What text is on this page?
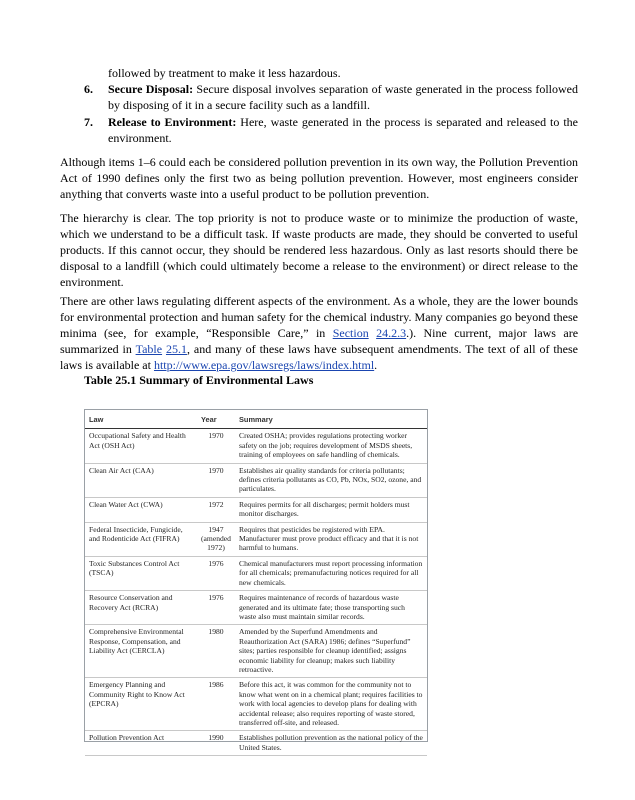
followed by treatment to make it less hazardous.
6. Secure Disposal: Secure disposal involves separation of waste generated in the process followed by disposing of it in a secure facility such as a landfill.
7. Release to Environment: Here, waste generated in the process is separated and released to the environment.

Although items 1–6 could each be considered pollution prevention in its own way, the Pollution Prevention Act of 1990 defines only the first two as being pollution prevention. However, most engineers consider anything that converts waste into a useful product to be pollution prevention.

The hierarchy is clear. The top priority is not to produce waste or to minimize the production of waste, which we understand to be a difficult task. If waste products are made, they should be converted to useful products. If this cannot occur, they should be rendered less hazardous. Only as last resorts should there be disposal to a landfill (which could ultimately become a release to the environment) or direct release to the environment.

There are other laws regulating different aspects of the environment. As a whole, they are the lower bounds for environmental protection and human safety for the chemical industry. Many companies go beyond these minima (see, for example, “Responsible Care,” in Section 24.2.3.). Nine current, major laws are summarized in Table 25.1, and many of these laws have subsequent amendments. The text of all of these laws is available at http://www.epa.gov/lawsregs/laws/index.html.

Table 25.1 Summary of Environmental Laws
Law	Year	Summary
Occupational Safety and Health Act (OSH Act)	1970	Created OSHA; provides regulations protecting worker safety on the job; requires development of MSDS sheets, training of employees on safe handling of chemicals.
Clean Air Act (CAA)	1970	Establishes air quality standards for criteria pollutants; defines criteria pollutants as CO, Pb, NOx, SO2, ozone, and particulates.
Clean Water Act (CWA)	1972	Requires permits for all discharges; permit holders must monitor discharges.
Federal Insecticide, Fungicide, and Rodenticide Act (FIFRA)	1947 (amended 1972)	Requires that pesticides be registered with EPA. Manufacturer must prove product efficacy and that it is not harmful to humans.
Toxic Substances Control Act (TSCA)	1976	Chemical manufacturers must report processing information for all chemicals; premanufacturing notices required for all new chemicals.
Resource Conservation and Recovery Act (RCRA)	1976	Requires maintenance of records of hazardous waste generated and its ultimate fate; those transporting such waste also must maintain similar records.
Comprehensive Environmental Response, Compensation, and Liability Act (CERCLA)	1980	Amended by the Superfund Amendments and Reauthorization Act (SARA) 1986; defines “Superfund” sites; parties responsible for cleanup identified; assigns economic liability for cleanup; makes such liability retroactive.
Emergency Planning and Community Right to Know Act (EPCRA)	1986	Before this act, it was common for the community not to know what went on in a chemical plant; requires facilities to work with local agencies to develop plans for dealing with accidental release; also requires reporting of waste stored, transferred off-site, and released.
Pollution Prevention Act	1990	Establishes pollution prevention as the national policy of the United States.
